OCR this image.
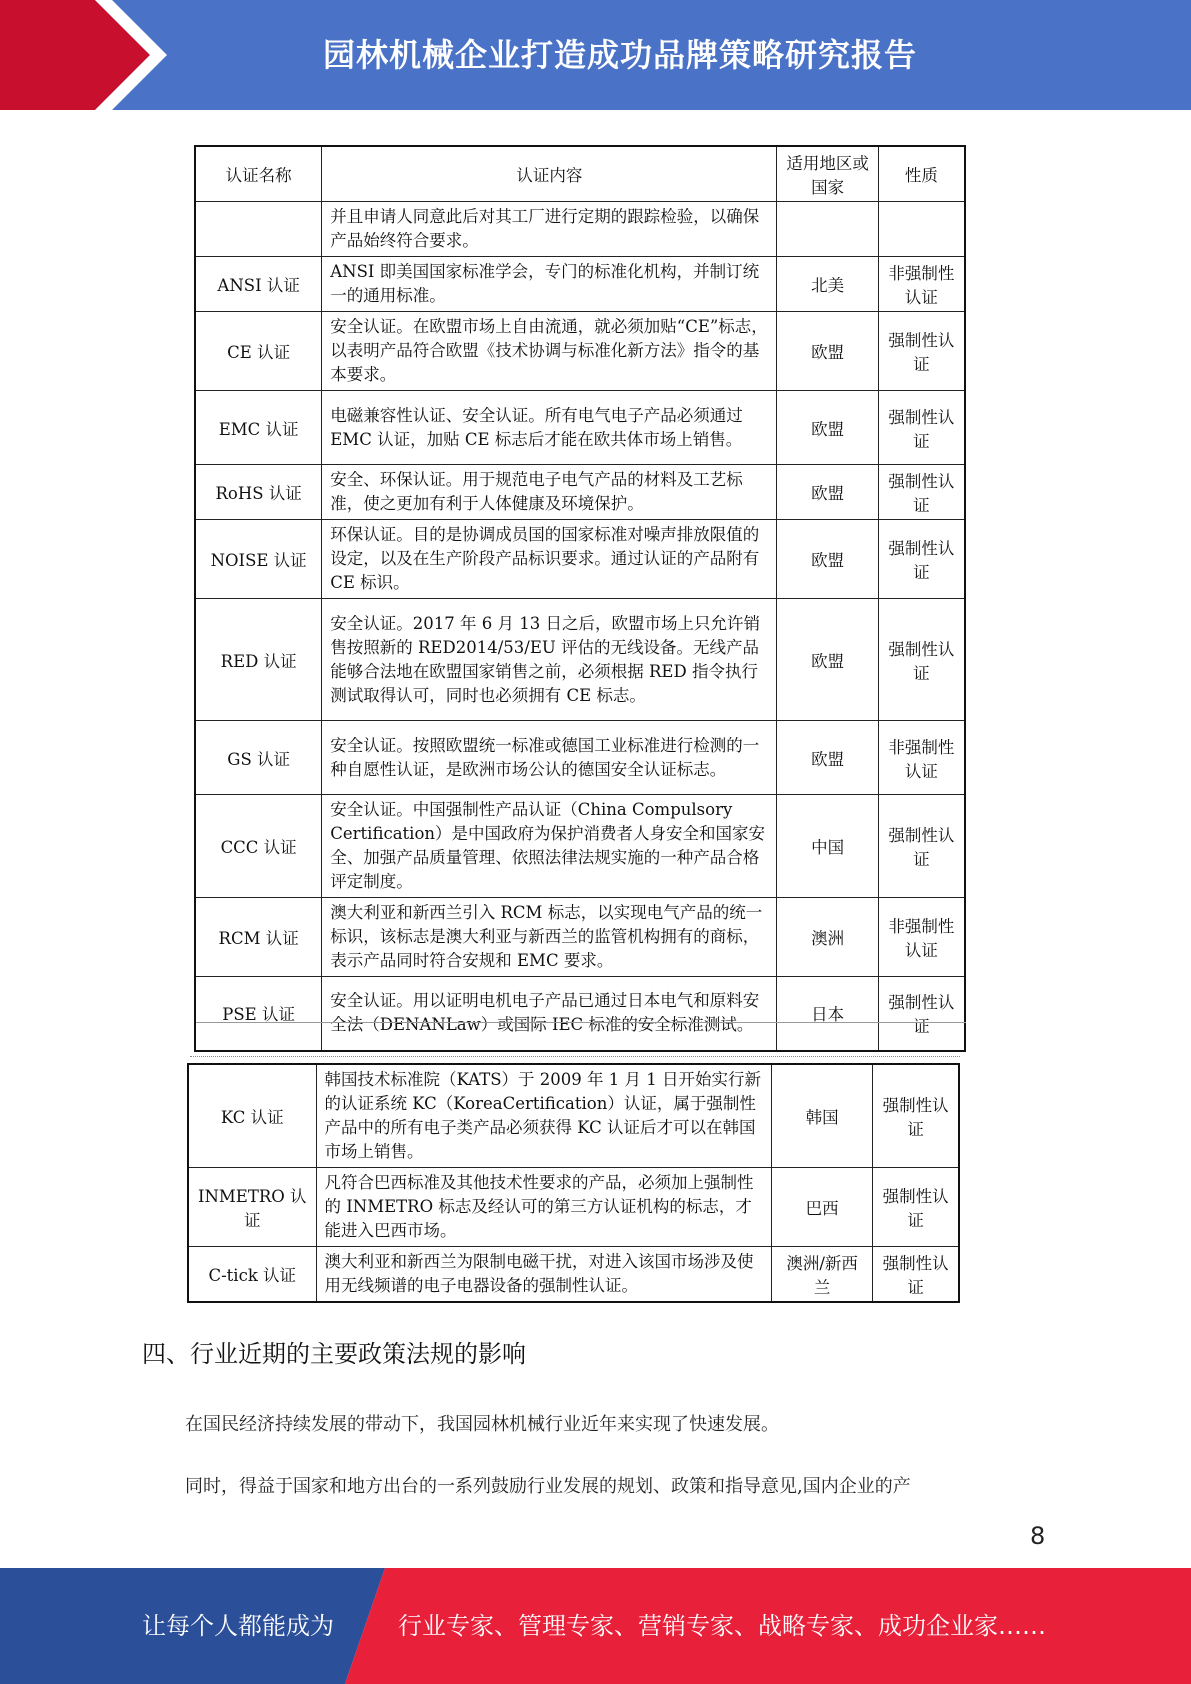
园林机械企业打造成功品牌策略研究报告
认证名称	认证内容	适用地区或国家	性质
	并且申请人同意此后对其工厂进行定期的跟踪检验，以确保产品始终符合要求。		
ANSI 认证	ANSI 即美国国家标准学会，专门的标准化机构，并制订统一的通用标准。	北美	非强制性认证
CE 认证	安全认证。在欧盟市场上自由流通，就必须加贴“CE”标志，以表明产品符合欧盟《技术协调与标准化新方法》指令的基本要求。	欧盟	强制性认证
EMC 认证	电磁兼容性认证、安全认证。所有电气电子产品必须通过 EMC 认证，加贴 CE 标志后才能在欧共体市场上销售。	欧盟	强制性认证
RoHS 认证	安全、环保认证。用于规范电子电气产品的材料及工艺标准，使之更加有利于人体健康及环境保护。	欧盟	强制性认证
NOISE 认证	环保认证。目的是协调成员国的国家标准对噪声排放限值的设定，以及在生产阶段产品标识要求。通过认证的产品附有 CE 标识。	欧盟	强制性认证
RED 认证	安全认证。2017 年 6 月 13 日之后，欧盟市场上只允许销售按照新的 RED2014/53/EU 评估的无线设备。无线产品能够合法地在欧盟国家销售之前，必须根据 RED 指令执行测试取得认可，同时也必须拥有 CE 标志。	欧盟	强制性认证
GS 认证	安全认证。按照欧盟统一标准或德国工业标准进行检测的一种自愿性认证，是欧洲市场公认的德国安全认证标志。	欧盟	非强制性认证
CCC 认证	安全认证。中国强制性产品认证（China Compulsory Certification）是中国政府为保护消费者人身安全和国家安全、加强产品质量管理、依照法律法规实施的一种产品合格评定制度。	中国	强制性认证
RCM 认证	澳大利亚和新西兰引入 RCM 标志，以实现电气产品的统一标识，该标志是澳大利亚与新西兰的监管机构拥有的商标，表示产品同时符合安规和 EMC 要求。	澳洲	非强制性认证
PSE 认证	安全认证。用以证明电机电子产品已通过日本电气和原料安全法（DENANLaw）或国际 IEC 标准的安全标准测试。	日本	强制性认证
KC 认证	韩国技术标准院（KATS）于 2009 年 1 月 1 日开始实行新的认证系统 KC（KoreaCertification）认证，属于强制性产品中的所有电子类产品必须获得 KC 认证后才可以在韩国市场上销售。	韩国	强制性认证
INMETRO 认证	凡符合巴西标准及其他技术性要求的产品，必须加上强制性的 INMETRO 标志及经认可的第三方认证机构的标志，才能进入巴西市场。	巴西	强制性认证
C-tick 认证	澳大利亚和新西兰为限制电磁干扰，对进入该国市场涉及使用无线频谱的电子电器设备的强制性认证。	澳洲/新西兰	强制性认证
四、行业近期的主要政策法规的影响
在国民经济持续发展的带动下，我国园林机械行业近年来实现了快速发展。
同时，得益于国家和地方出台的一系列鼓励行业发展的规划、政策和指导意见,国内企业的产
8
让每个人都能成为	行业专家、管理专家、营销专家、战略专家、成功企业家……
